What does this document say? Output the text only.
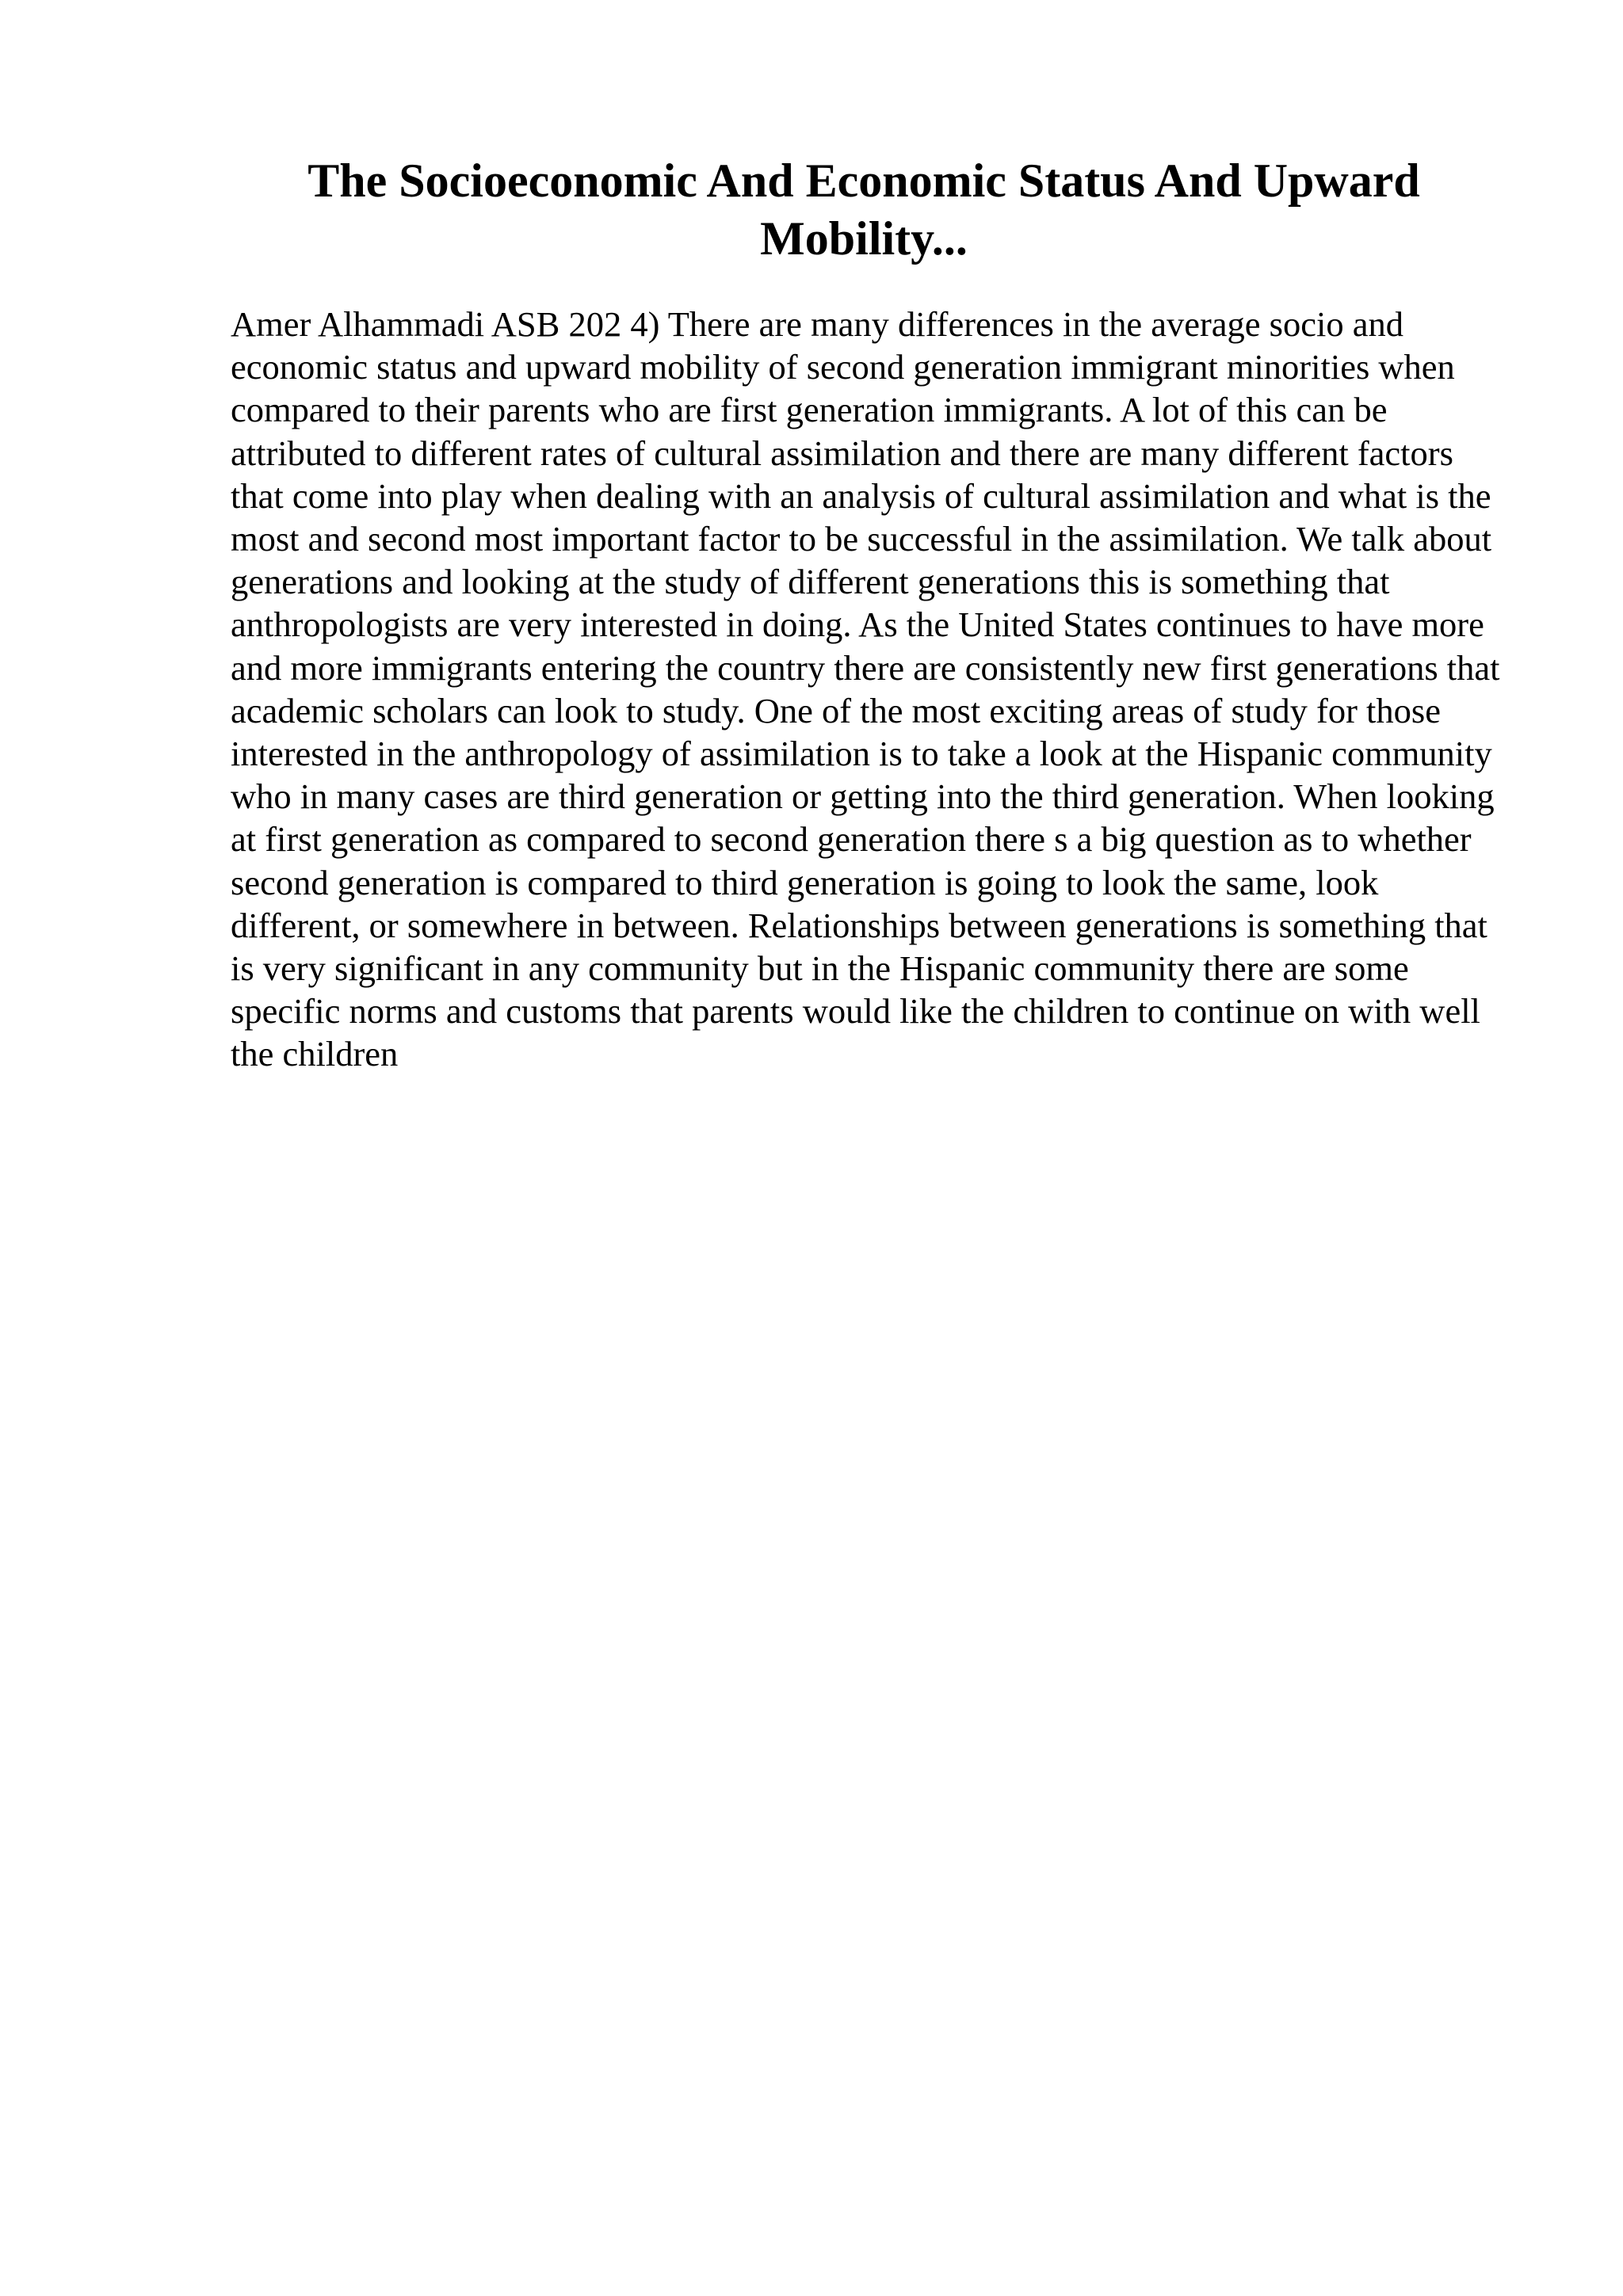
The Socioeconomic And Economic Status And Upward Mobility...

Amer Alhammadi ASB 202 4) There are many differences in the average socio and economic status and upward mobility of second generation immigrant minorities when compared to their parents who are first generation immigrants. A lot of this can be attributed to different rates of cultural assimilation and there are many different factors that come into play when dealing with an analysis of cultural assimilation and what is the most and second most important factor to be successful in the assimilation. We talk about generations and looking at the study of different generations this is something that anthropologists are very interested in doing. As the United States continues to have more and more immigrants entering the country there are consistently new first generations that academic scholars can look to study. One of the most exciting areas of study for those interested in the anthropology of assimilation is to take a look at the Hispanic community who in many cases are third generation or getting into the third generation. When looking at first generation as compared to second generation there s a big question as to whether second generation is compared to third generation is going to look the same, look different, or somewhere in between. Relationships between generations is something that is very significant in any community but in the Hispanic community there are some specific norms and customs that parents would like the children to continue on with well the children
